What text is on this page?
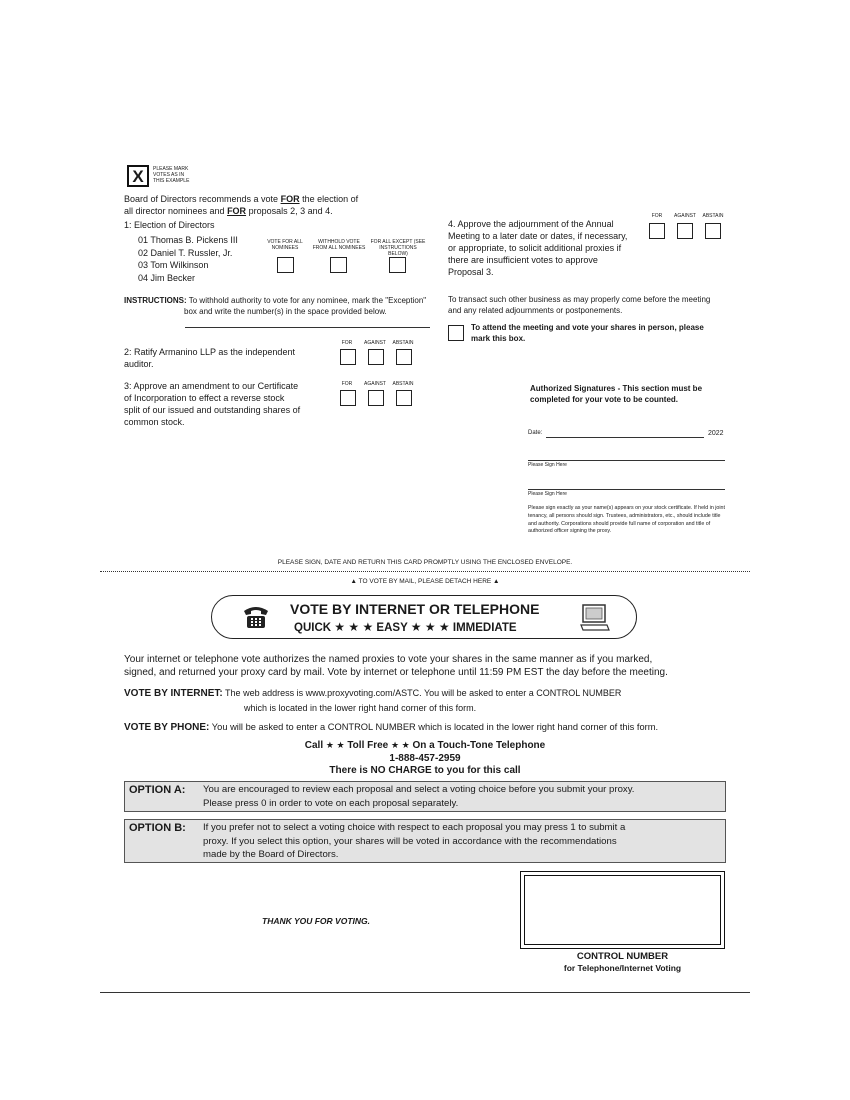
X	PLEASE MARK VOTES AS IN THIS EXAMPLE
Board of Directors recommends a vote FOR the election of
all director nominees and FOR proposals 2, 3 and 4.
1: Election of Directors
01 Thomas B. Pickens III
02 Daniel T. Russler, Jr.
03 Tom Wilkinson
04 Jim Becker
VOTE FOR ALL NOMINEES
WITHHOLD VOTE FROM ALL NOMINEES
FOR ALL EXCEPT (SEE INSTRUCTIONS BELOW)
INSTRUCTIONS: To withhold authority to vote for any nominee, mark the "Exception"
box and write the number(s) in the space provided below.
2: Ratify Armanino LLP as the independent
auditor.
FOR	AGAINST	ABSTAIN
3: Approve an amendment to our Certificate
of Incorporation to effect a reverse stock
split of our issued and outstanding shares of
common stock.
FOR	AGAINST	ABSTAIN
4. Approve the adjournment of the Annual
Meeting to a later date or dates, if necessary,
or appropriate, to solicit additional proxies if
there are insufficient votes to approve
Proposal 3.
FOR	AGAINST	ABSTAIN
To transact such other business as may properly come before the meeting
and any related adjournments or postponements.
To attend the meeting and vote your shares in person, please
mark this box.
Authorized Signatures - This section must be
completed for your vote to be counted.
Date:	2022
Please Sign Here
Please Sign Here
Please sign exactly as your name(s) appears on your stock certificate. If held in joint tenancy, all persons should sign. Trustees, administrators, etc., should include title and authority. Corporations should provide full name of corporation and title of authorized officer signing the proxy.
PLEASE SIGN, DATE AND RETURN THIS CARD PROMPTLY USING THE ENCLOSED ENVELOPE.
▲ TO VOTE BY MAIL, PLEASE DETACH HERE ▲
VOTE BY INTERNET OR TELEPHONE
QUICK ★ ★ ★ EASY ★ ★ ★ IMMEDIATE
Your internet or telephone vote authorizes the named proxies to vote your shares in the same manner as if you marked,
signed, and returned your proxy card by mail. Vote by internet or telephone until 11:59 PM EST the day before the meeting.
VOTE BY INTERNET: The web address is www.proxyvoting.com/ASTC. You will be asked to enter a CONTROL NUMBER
which is located in the lower right hand corner of this form.
VOTE BY PHONE: You will be asked to enter a CONTROL NUMBER which is located in the lower right hand corner of this form.
Call ★ ★ Toll Free ★ ★ On a Touch-Tone Telephone
1-888-457-2959
There is NO CHARGE to you for this call
OPTION A: You are encouraged to review each proposal and select a voting choice before you submit your proxy.
Please press 0 in order to vote on each proposal separately.
OPTION B: If you prefer not to select a voting choice with respect to each proposal you may press 1 to submit a
proxy. If you select this option, your shares will be voted in accordance with the recommendations
made by the Board of Directors.
THANK YOU FOR VOTING.
CONTROL NUMBER
for Telephone/Internet Voting
